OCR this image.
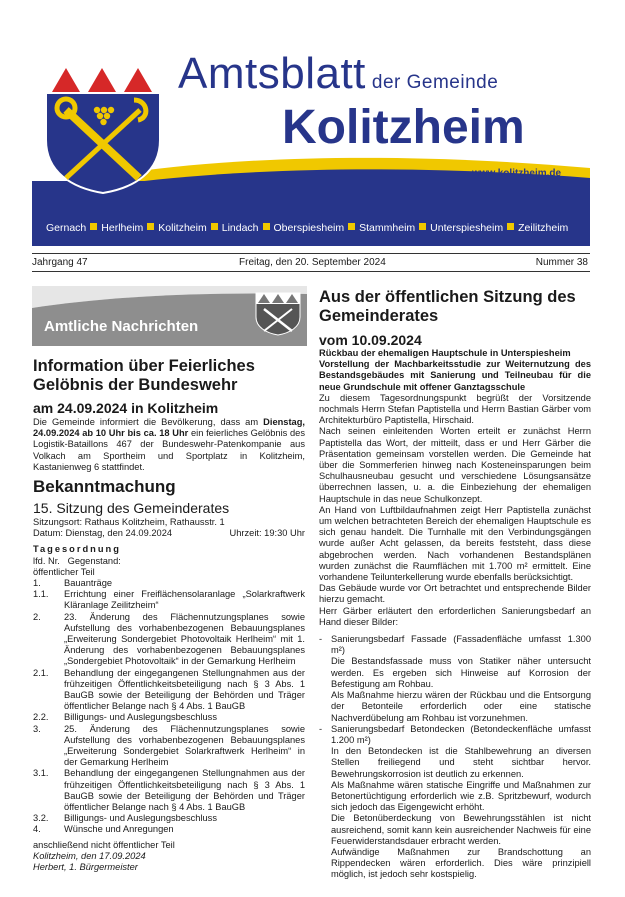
Amtsblatt der Gemeinde
Kolitzheim
www.kolitzheim.de
Gernach Herlheim Kolitzheim Lindach Oberspiesheim Stammheim Unterspiesheim Zeilitzheim
Jahrgang 47	Freitag, den 20. September 2024	Nummer 38
Amtliche Nachrichten
Information über Feierliches Gelöbnis der Bundeswehr
am 24.09.2024 in Kolitzheim
Die Gemeinde informiert die Bevölkerung, dass am Dienstag, 24.09.2024 ab 10 Uhr bis ca. 18 Uhr ein feierliches Gelöbnis des Logistik-Bataillons 467 der Bundeswehr-Patenkompanie aus Volkach am Sportheim und Sportplatz in Kolitzheim, Kastanienweg 6 stattfindet.
Bekanntmachung
15. Sitzung des Gemeinderates
Sitzungsort: Rathaus Kolitzheim, Rathausstr. 1
Datum: Dienstag, den 24.09.2024	Uhrzeit: 19:30 Uhr
Tagesordnung
lfd. Nr.   Gegenstand:
öffentlicher Teil
1.	Bauanträge
1.1.	Errichtung einer Freiflächensolaranlage „Solarkraftwerk Kläranlage Zeilitzheim“
2.	23. Änderung des Flächennutzungsplanes sowie Aufstellung des vorhabenbezogenen Bebauungsplanes „Erweiterung Sondergebiet Photovoltaik Herlheim“ mit 1. Änderung des vorhabenbezogenen Bebauungsplanes „Sondergebiet Photovoltaik“ in der Gemarkung Herlheim
2.1.	Behandlung der eingegangenen Stellungnahmen aus der frühzeitigen Öffentlichkeitsbeteiligung nach § 3 Abs. 1 BauGB sowie der Beteiligung der Behörden und Träger öffentlicher Belange nach § 4 Abs. 1 BauGB
2.2.	Billigungs- und Auslegungsbeschluss
3.	25. Änderung des Flächennutzungsplanes sowie Aufstellung des vorhabenbezogenen Bebauungsplanes „Erweiterung Sondergebiet Solarkraftwerk Herlheim“ in der Gemarkung Herlheim
3.1.	Behandlung der eingegangenen Stellungnahmen aus der frühzeitigen Öffentlichkeitsbeteiligung nach § 3 Abs. 1 BauGB sowie der Beteiligung der Behörden und Träger öffentlicher Belange nach § 4 Abs. 1 BauGB
3.2.	Billigungs- und Auslegungsbeschluss
4.	Wünsche und Anregungen
anschließend nicht öffentlicher Teil
Kolitzheim, den 17.09.2024
Herbert, 1. Bürgermeister
Aus der öffentlichen Sitzung des Gemeinderates
vom 10.09.2024
Rückbau der ehemaligen Hauptschule in Unterspiesheim
Vorstellung der Machbarkeitsstudie zur Weiternutzung des Bestandsgebäudes mit Sanierung und Teilneubau für die neue Grundschule mit offener Ganztagsschule
Zu diesem Tagesordnungspunkt begrüßt der Vorsitzende nochmals Herrn Stefan Paptistella und Herrn Bastian Gärber vom Architekturbüro Paptistella, Hirschaid.
Nach seinen einleitenden Worten erteilt er zunächst Herrn Paptistella das Wort, der mitteilt, dass er und Herr Gärber die Präsentation gemeinsam vorstellen werden. Die Gemeinde hat über die Sommerferien hinweg nach Kosteneinsparungen beim Schulhausneubau gesucht und verschiedene Lösungsansätze überrechnen lassen, u. a. die Einbeziehung der ehemaligen Hauptschule in das neue Schulkonzept.
An Hand von Luftbildaufnahmen zeigt Herr Paptistella zunächst um welchen betrachteten Bereich der ehemaligen Hauptschule es sich genau handelt. Die Turnhalle mit den Verbindungsgängen wurde außer Acht gelassen, da bereits feststeht, dass diese abgebrochen werden. Nach vorhandenen Bestandsplänen wurden zunächst die Raumflächen mit 1.700 m² ermittelt. Eine vorhandene Teilunterkellerung wurde ebenfalls berücksichtigt.
Das Gebäude wurde vor Ort betrachtet und entsprechende Bilder hierzu gemacht.
Herr Gärber erläutert den erforderlichen Sanierungsbedarf an Hand dieser Bilder:
- Sanierungsbedarf Fassade (Fassadenfläche umfasst 1.300 m²)
Die Bestandsfassade muss von Statiker näher untersucht werden. Es ergeben sich Hinweise auf Korrosion der Befestigung am Rohbau.
Als Maßnahme hierzu wären der Rückbau und die Entsorgung der Betonteile erforderlich oder eine statische Nachverdübelung am Rohbau ist vorzunehmen.
- Sanierungsbedarf Betondecken (Betondeckenfläche umfasst 1.200 m²)
In den Betondecken ist die Stahlbewehrung an diversen Stellen freiliegend und steht sichtbar hervor. Bewehrungskorrosion ist deutlich zu erkennen.
Als Maßnahme wären statische Eingriffe und Maßnahmen zur Betonertüchtigung erforderlich wie z.B. Spritzbewurf, wodurch sich jedoch das Eigengewicht erhöht.
Die Betonüberdeckung von Bewehrungsstählen ist nicht ausreichend, somit kann kein ausreichender Nachweis für eine Feuerwiderstandsdauer erbracht werden.
Aufwändige Maßnahmen zur Brandschottung an Rippendecken wären erforderlich. Dies wäre prinzipiell möglich, ist jedoch sehr kostspielig.
